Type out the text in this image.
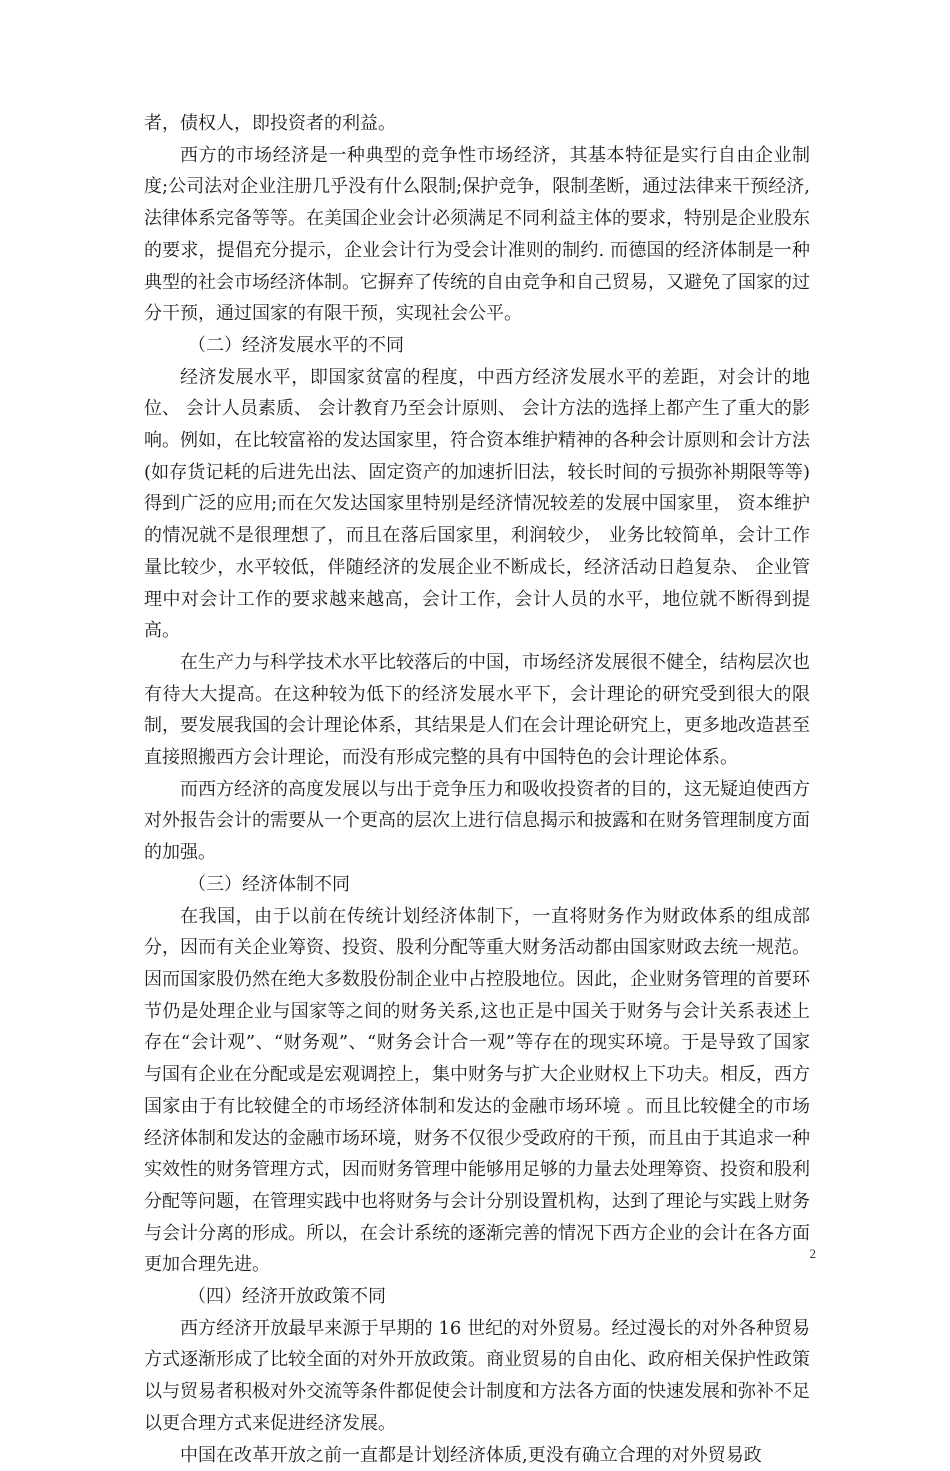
者，债权人，即投资者的利益。

西方的市场经济是一种典型的竞争性市场经济，其基本特征是实行自由企业制度;公司法对企业注册几乎没有什么限制;保护竞争，限制垄断，通过法律来干预经济,法律体系完备等等。在美国企业会计必须满足不同利益主体的要求，特别是企业股东的要求，提倡充分提示，企业会计行为受会计准则的制约. 而德国的经济体制是一种典型的社会市场经济体制。它摒弃了传统的自由竞争和自己贸易，又避免了国家的过分干预，通过国家的有限干预，实现社会公平。

（二）经济发展水平的不同

经济发展水平，即国家贫富的程度，中西方经济发展水平的差距，对会计的地位、 会计人员素质、 会计教育乃至会计原则、 会计方法的选择上都产生了重大的影响。例如，在比较富裕的发达国家里，符合资本维护精神的各种会计原则和会计方法(如存货记耗的后进先出法、固定资产的加速折旧法，较长时间的亏损弥补期限等等)得到广泛的应用;而在欠发达国家里特别是经济情况较差的发展中国家里， 资本维护的情况就不是很理想了，而且在落后国家里，利润较少， 业务比较简单，会计工作量比较少，水平较低，伴随经济的发展企业不断成长，经济活动日趋复杂、 企业管理中对会计工作的要求越来越高，会计工作，会计人员的水平，地位就不断得到提高。

在生产力与科学技术水平比较落后的中国，市场经济发展很不健全，结构层次也有待大大提高。在这种较为低下的经济发展水平下，会计理论的研究受到很大的限制，要发展我国的会计理论体系，其结果是人们在会计理论研究上，更多地改造甚至直接照搬西方会计理论，而没有形成完整的具有中国特色的会计理论体系。

而西方经济的高度发展以与出于竞争压力和吸收投资者的目的，这无疑迫使西方对外报告会计的需要从一个更高的层次上进行信息揭示和披露和在财务管理制度方面的加强。

（三）经济体制不同

在我国，由于以前在传统计划经济体制下，一直将财务作为财政体系的组成部分，因而有关企业筹资、投资、股利分配等重大财务活动都由国家财政去统一规范。因而国家股仍然在绝大多数股份制企业中占控股地位。因此，企业财务管理的首要环节仍是处理企业与国家等之间的财务关系,这也正是中国关于财务与会计关系表述上存在“会计观”、“财务观”、“财务会计合一观”等存在的现实环境。于是导致了国家与国有企业在分配或是宏观调控上，集中财务与扩大企业财权上下功夫。相反，西方国家由于有比较健全的市场经济体制和发达的金融市场环境 。而且比较健全的市场经济体制和发达的金融市场环境，财务不仅很少受政府的干预，而且由于其追求一种实效性的财务管理方式，因而财务管理中能够用足够的力量去处理筹资、投资和股利分配等问题，在管理实践中也将财务与会计分别设置机构，达到了理论与实践上财务与会计分离的形成。所以，在会计系统的逐渐完善的情况下西方企业的会计在各方面更加合理先进。

（四）经济开放政策不同

西方经济开放最早来源于早期的 16 世纪的对外贸易。经过漫长的对外各种贸易方式逐渐形成了比较全面的对外开放政策。商业贸易的自由化、政府相关保护性政策以与贸易者积极对外交流等条件都促使会计制度和方法各方面的快速发展和弥补不足以更合理方式来促进经济发展。

中国在改革开放之前一直都是计划经济体质,更没有确立合理的对外贸易政

2
